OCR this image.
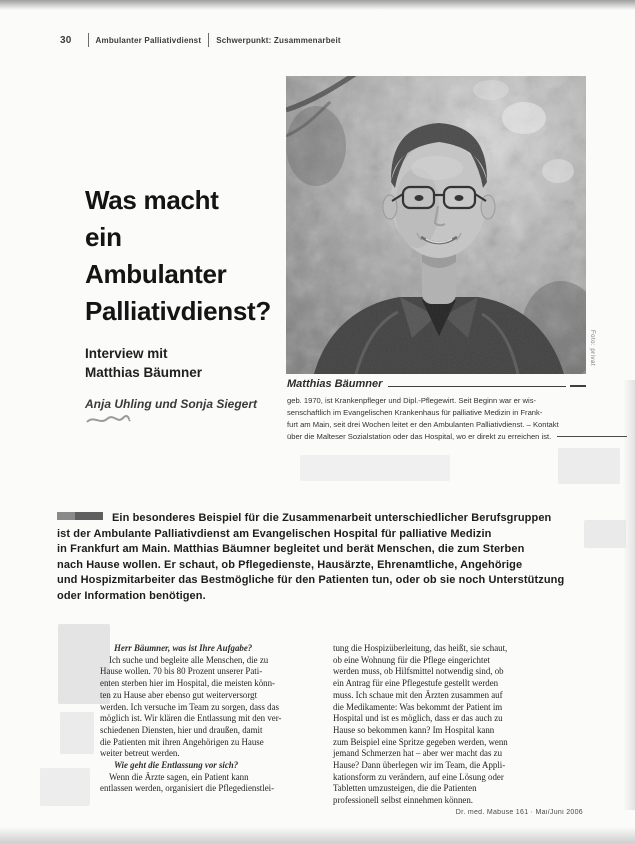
30	Ambulanter Palliativdienst Schwerpunkt: Zusammenarbeit
Was macht
ein
Ambulanter
Palliativdienst?
Interview mit
Matthias Bäumner
Anja Uhling und Sonja Siegert
Foto: privat
Matthias Bäumner
geb. 1970, ist Krankenpfleger und Dipl.-Pflegewirt. Seit Beginn war er wis-
senschaftlich im Evangelischen Krankenhaus für palliative Medizin in Frank-
furt am Main, seit drei Wochen leitet er den Ambulanten Palliativdienst. – Kontakt
über die Malteser Sozialstation oder das Hospital, wo er direkt zu erreichen ist.
Ein besonderes Beispiel für die Zusammenarbeit unterschiedlicher Berufsgruppen
ist der Ambulante Palliativdienst am Evangelischen Hospital für palliative Medizin
in Frankfurt am Main. Matthias Bäumner begleitet und berät Menschen, die zum Sterben
nach Hause wollen. Er schaut, ob Pflegedienste, Hausärzte, Ehrenamtliche, Angehörige
und Hospizmitarbeiter das Bestmögliche für den Patienten tun, oder ob sie noch Unterstützung
oder Information benötigen.
Herr Bäumner, was ist Ihre Aufgabe?
Ich suche und begleite alle Menschen, die zu
Hause wollen. 70 bis 80 Prozent unserer Pati-
enten sterben hier im Hospital, die meisten könn-
ten zu Hause aber ebenso gut weiterversorgt
werden. Ich versuche im Team zu sorgen, dass das
möglich ist. Wir klären die Entlassung mit den ver-
schiedenen Diensten, hier und draußen, damit
die Patienten mit ihren Angehörigen zu Hause
weiter betreut werden.
Wie geht die Entlassung vor sich?
Wenn die Ärzte sagen, ein Patient kann
entlassen werden, organisiert die Pflegedienstlei-
tung die Hospizüberleitung, das heißt, sie schaut,
ob eine Wohnung für die Pflege eingerichtet
werden muss, ob Hilfsmittel notwendig sind, ob
ein Antrag für eine Pflegestufe gestellt werden
muss. Ich schaue mit den Ärzten zusammen auf
die Medikamente: Was bekommt der Patient im
Hospital und ist es möglich, dass er das auch zu
Hause so bekommen kann? Im Hospital kann
zum Beispiel eine Spritze gegeben werden, wenn
jemand Schmerzen hat – aber wer macht das zu
Hause? Dann überlegen wir im Team, die Appli-
kationsform zu verändern, auf eine Lösung oder
Tabletten umzusteigen, die die Patienten
professionell selbst einnehmen können.
Dr. med. Mabuse 161 · Mai/Juni 2006
